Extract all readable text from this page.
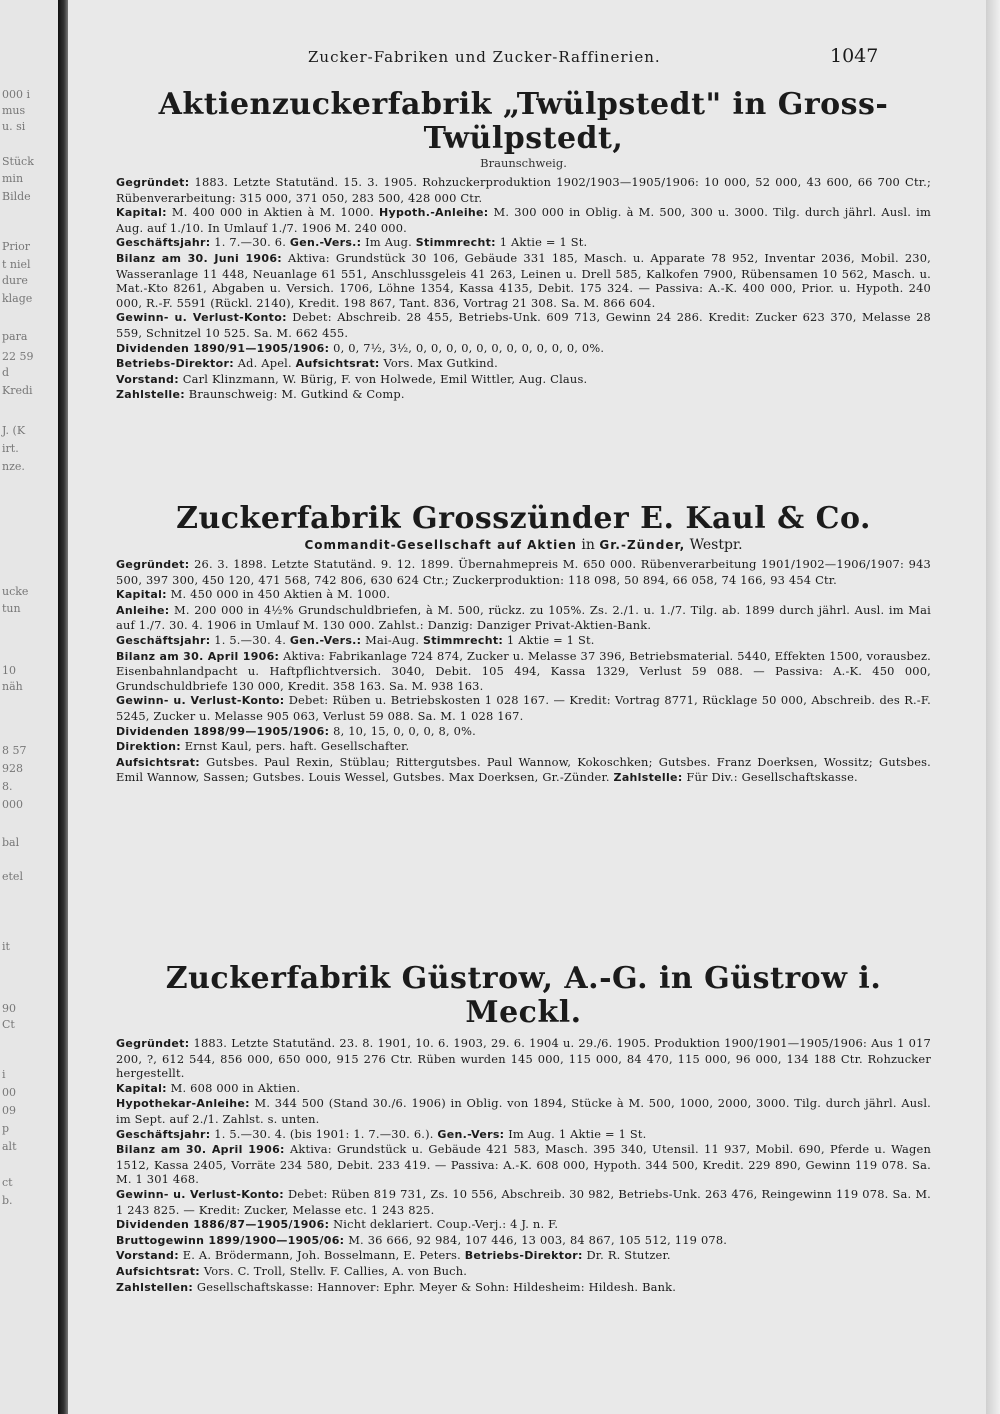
000 i
mus
u. si
Stück
min
Bilde
Prior
t niel
dure
klage
para
22 59
d
Kredi
J. (K
irt.
nze.
ucke
tun
10
näh
8 57
928
8.
000
bal
etel
it
90
Ct
i
00
09
p
alt
ct
b.
Zucker-Fabriken und Zucker-Raffinerien.	1047
Aktienzuckerfabrik „Twülpstedt" in Gross-Twülpstedt,

Braunschweig.

Gegründet: 1883. Letzte Statutänd. 15. 3. 1905. Rohzuckerproduktion 1902/1903—1905/1906: 10 000, 52 000, 43 600, 66 700 Ctr.; Rübenverarbeitung: 315 000, 371 050, 283 500, 428 000 Ctr.

Kapital: M. 400 000 in Aktien à M. 1000. Hypoth.-Anleihe: M. 300 000 in Oblig. à M. 500, 300 u. 3000. Tilg. durch jährl. Ausl. im Aug. auf 1./10. In Umlauf 1./7. 1906 M. 240 000.

Geschäftsjahr: 1. 7.—30. 6. Gen.-Vers.: Im Aug. Stimmrecht: 1 Aktie = 1 St.

Bilanz am 30. Juni 1906: Aktiva: Grundstück 30 106, Gebäude 331 185, Masch. u. Apparate 78 952, Inventar 2036, Mobil. 230, Wasseranlage 11 448, Neuanlage 61 551, Anschlussgeleis 41 263, Leinen u. Drell 585, Kalkofen 7900, Rübensamen 10 562, Masch. u. Mat.-Kto 8261, Abgaben u. Versich. 1706, Löhne 1354, Kassa 4135, Debit. 175 324. — Passiva: A.-K. 400 000, Prior. u. Hypoth. 240 000, R.-F. 5591 (Rückl. 2140), Kredit. 198 867, Tant. 836, Vortrag 21 308. Sa. M. 866 604.

Gewinn- u. Verlust-Konto: Debet: Abschreib. 28 455, Betriebs-Unk. 609 713, Gewinn 24 286. Kredit: Zucker 623 370, Melasse 28 559, Schnitzel 10 525. Sa. M. 662 455.

Dividenden 1890/91—1905/1906: 0, 0, 7½, 3½, 0, 0, 0, 0, 0, 0, 0, 0, 0, 0, 0, 0%.

Betriebs-Direktor: Ad. Apel. Aufsichtsrat: Vors. Max Gutkind.

Vorstand: Carl Klinzmann, W. Bürig, F. von Holwede, Emil Wittler, Aug. Claus.

Zahlstelle: Braunschweig: M. Gutkind & Comp.

Zuckerfabrik Grosszünder E. Kaul & Co.

Commandit-Gesellschaft auf Aktien in Gr.-Zünder, Westpr.

Gegründet: 26. 3. 1898. Letzte Statutänd. 9. 12. 1899. Übernahmepreis M. 650 000. Rübenverarbeitung 1901/1902—1906/1907: 943 500, 397 300, 450 120, 471 568, 742 806, 630 624 Ctr.; Zuckerproduktion: 118 098, 50 894, 66 058, 74 166, 93 454 Ctr.

Kapital: M. 450 000 in 450 Aktien à M. 1000.

Anleihe: M. 200 000 in 4½% Grundschuldbriefen, à M. 500, rückz. zu 105%. Zs. 2./1. u. 1./7. Tilg. ab. 1899 durch jährl. Ausl. im Mai auf 1./7. 30. 4. 1906 in Umlauf M. 130 000. Zahlst.: Danzig: Danziger Privat-Aktien-Bank.

Geschäftsjahr: 1. 5.—30. 4. Gen.-Vers.: Mai-Aug. Stimmrecht: 1 Aktie = 1 St.

Bilanz am 30. April 1906: Aktiva: Fabrikanlage 724 874, Zucker u. Melasse 37 396, Betriebsmaterial. 5440, Effekten 1500, vorausbez. Eisenbahnlandpacht u. Haftpflichtversich. 3040, Debit. 105 494, Kassa 1329, Verlust 59 088. — Passiva: A.-K. 450 000, Grundschuldbriefe 130 000, Kredit. 358 163. Sa. M. 938 163.

Gewinn- u. Verlust-Konto: Debet: Rüben u. Betriebskosten 1 028 167. — Kredit: Vortrag 8771, Rücklage 50 000, Abschreib. des R.-F. 5245, Zucker u. Melasse 905 063, Verlust 59 088. Sa. M. 1 028 167.

Dividenden 1898/99—1905/1906: 8, 10, 15, 0, 0, 0, 8, 0%.

Direktion: Ernst Kaul, pers. haft. Gesellschafter.

Aufsichtsrat: Gutsbes. Paul Rexin, Stüblau; Rittergutsbes. Paul Wannow, Kokoschken; Gutsbes. Franz Doerksen, Wossitz; Gutsbes. Emil Wannow, Sassen; Gutsbes. Louis Wessel, Gutsbes. Max Doerksen, Gr.-Zünder. Zahlstelle: Für Div.: Gesellschaftskasse.

Zuckerfabrik Güstrow, A.-G. in Güstrow i. Meckl.

Gegründet: 1883. Letzte Statutänd. 23. 8. 1901, 10. 6. 1903, 29. 6. 1904 u. 29./6. 1905. Produktion 1900/1901—1905/1906: Aus 1 017 200, ?, 612 544, 856 000, 650 000, 915 276 Ctr. Rüben wurden 145 000, 115 000, 84 470, 115 000, 96 000, 134 188 Ctr. Rohzucker hergestellt.

Kapital: M. 608 000 in Aktien.

Hypothekar-Anleihe: M. 344 500 (Stand 30./6. 1906) in Oblig. von 1894, Stücke à M. 500, 1000, 2000, 3000. Tilg. durch jährl. Ausl. im Sept. auf 2./1. Zahlst. s. unten.

Geschäftsjahr: 1. 5.—30. 4. (bis 1901: 1. 7.—30. 6.). Gen.-Vers: Im Aug. 1 Aktie = 1 St.

Bilanz am 30. April 1906: Aktiva: Grundstück u. Gebäude 421 583, Masch. 395 340, Utensil. 11 937, Mobil. 690, Pferde u. Wagen 1512, Kassa 2405, Vorräte 234 580, Debit. 233 419. — Passiva: A.-K. 608 000, Hypoth. 344 500, Kredit. 229 890, Gewinn 119 078. Sa. M. 1 301 468.

Gewinn- u. Verlust-Konto: Debet: Rüben 819 731, Zs. 10 556, Abschreib. 30 982, Betriebs-Unk. 263 476, Reingewinn 119 078. Sa. M. 1 243 825. — Kredit: Zucker, Melasse etc. 1 243 825.

Dividenden 1886/87—1905/1906: Nicht deklariert. Coup.-Verj.: 4 J. n. F.

Bruttogewinn 1899/1900—1905/06: M. 36 666, 92 984, 107 446, 13 003, 84 867, 105 512, 119 078.

Vorstand: E. A. Brödermann, Joh. Bosselmann, E. Peters. Betriebs-Direktor: Dr. R. Stutzer.

Aufsichtsrat: Vors. C. Troll, Stellv. F. Callies, A. von Buch.

Zahlstellen: Gesellschaftskasse: Hannover: Ephr. Meyer & Sohn: Hildesheim: Hildesh. Bank.
